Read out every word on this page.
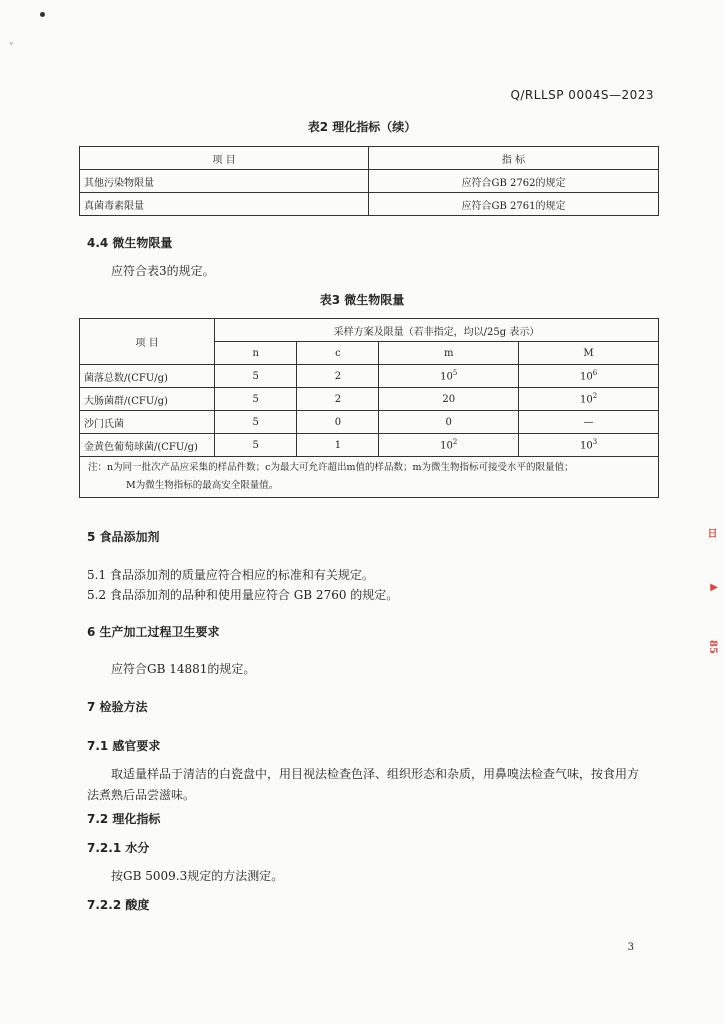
ᵥ
Q/RLLSP 0004S—2023
表2 理化指标（续）
项 目	指 标
其他污染物限量	应符合GB 2762的规定
真菌毒素限量	应符合GB 2761的规定
4.4 微生物限量
应符合表3的规定。
表3 微生物限量
项 目	采样方案及限量（若非指定，均以/25g 表示）			
	n	c	m	M
菌落总数/(CFU/g)	5	2	$10^5$	$10^6$
大肠菌群/(CFU/g)	5	2	20	$10^2$
沙门氏菌	5	0	0	—
金黄色葡萄球菌/(CFU/g)	5	1	$10^2$	$10^3$

注：n为同一批次产品应采集的样品件数；c为最大可允许超出m值的样品数；m为微生物指标可接受水平的限量值；
M为微生物指标的最高安全限量值。				
5 食品添加剂
5.1 食品添加剂的质量应符合相应的标准和有关规定。
5.2 食品添加剂的品种和使用量应符合 GB 2760 的规定。
6 生产加工过程卫生要求
应符合GB 14881的规定。
7 检验方法
7.1 感官要求
取适量样品于清洁的白瓷盘中，用目视法检查色泽、组织形态和杂质，用鼻嗅法检查气味，按食用方法煮熟后品尝滋味。
7.2 理化指标
7.2.1 水分
按GB 5009.3规定的方法测定。
7.2.2 酸度
3
日
▶
85
